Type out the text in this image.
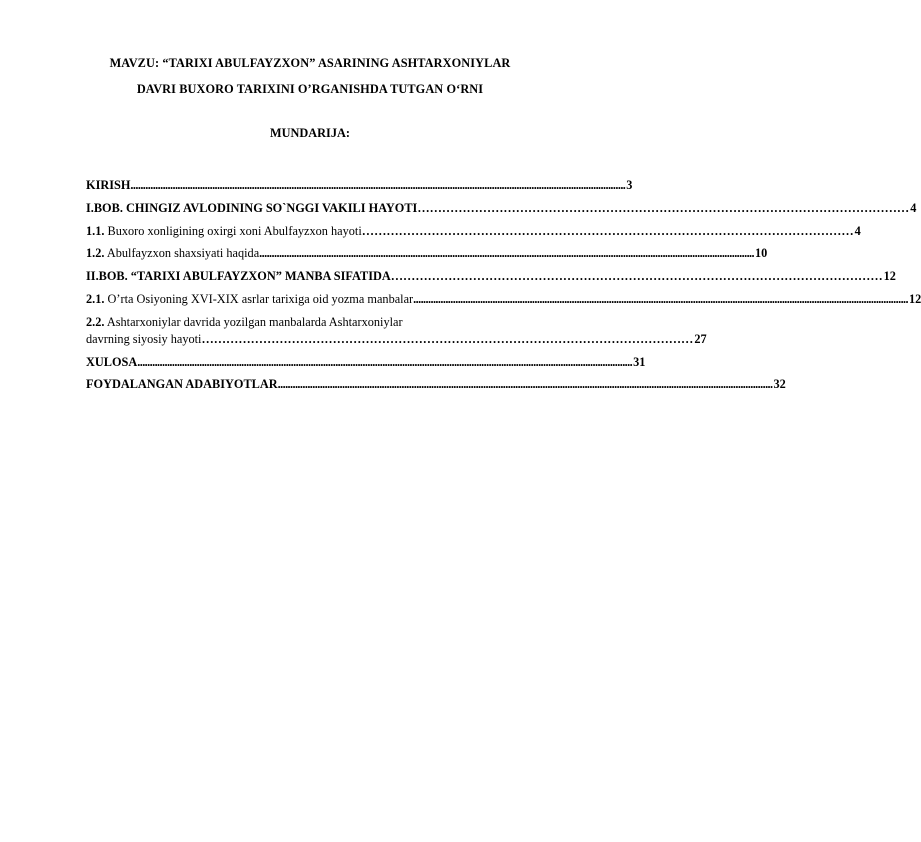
MAVZU: “TARIXI ABULFAYZXON” ASARINING ASHTARXONIYLAR
DAVRI BUXORO TARIXINI O’RGANISHDA TUTGAN O‘RNI
MUNDARIJA:
KIRISH .....	3
I.BOB. CHINGIZ AVLODINING SO`NGGI VAKILI HAYOTI …………………………………………………………………………………………………………	4
1.1. Buxoro xonligining oxirgi xoni Abulfayzxon hayoti …………………………………………………………………………………………………………	4
1.2. Abulfayzxon shaxsiyati haqida .....	10
II.BOB. “TARIXI ABULFAYZXON” MANBA SIFATIDA …………………………………………………………………………………………………………	12
2.1. O’rta Osiyoning XVI-XIX asrlar tarixiga oid yozma manbalar .....	12
2.2. Ashtarxoniylar davrida yozilgan manbalarda Ashtarxoniylar
davrning siyosiy hayoti …………………………………………………………………………………………………………	27
XULOSA .....	31
FOYDALANGAN ADABIYOTLAR .....	32
